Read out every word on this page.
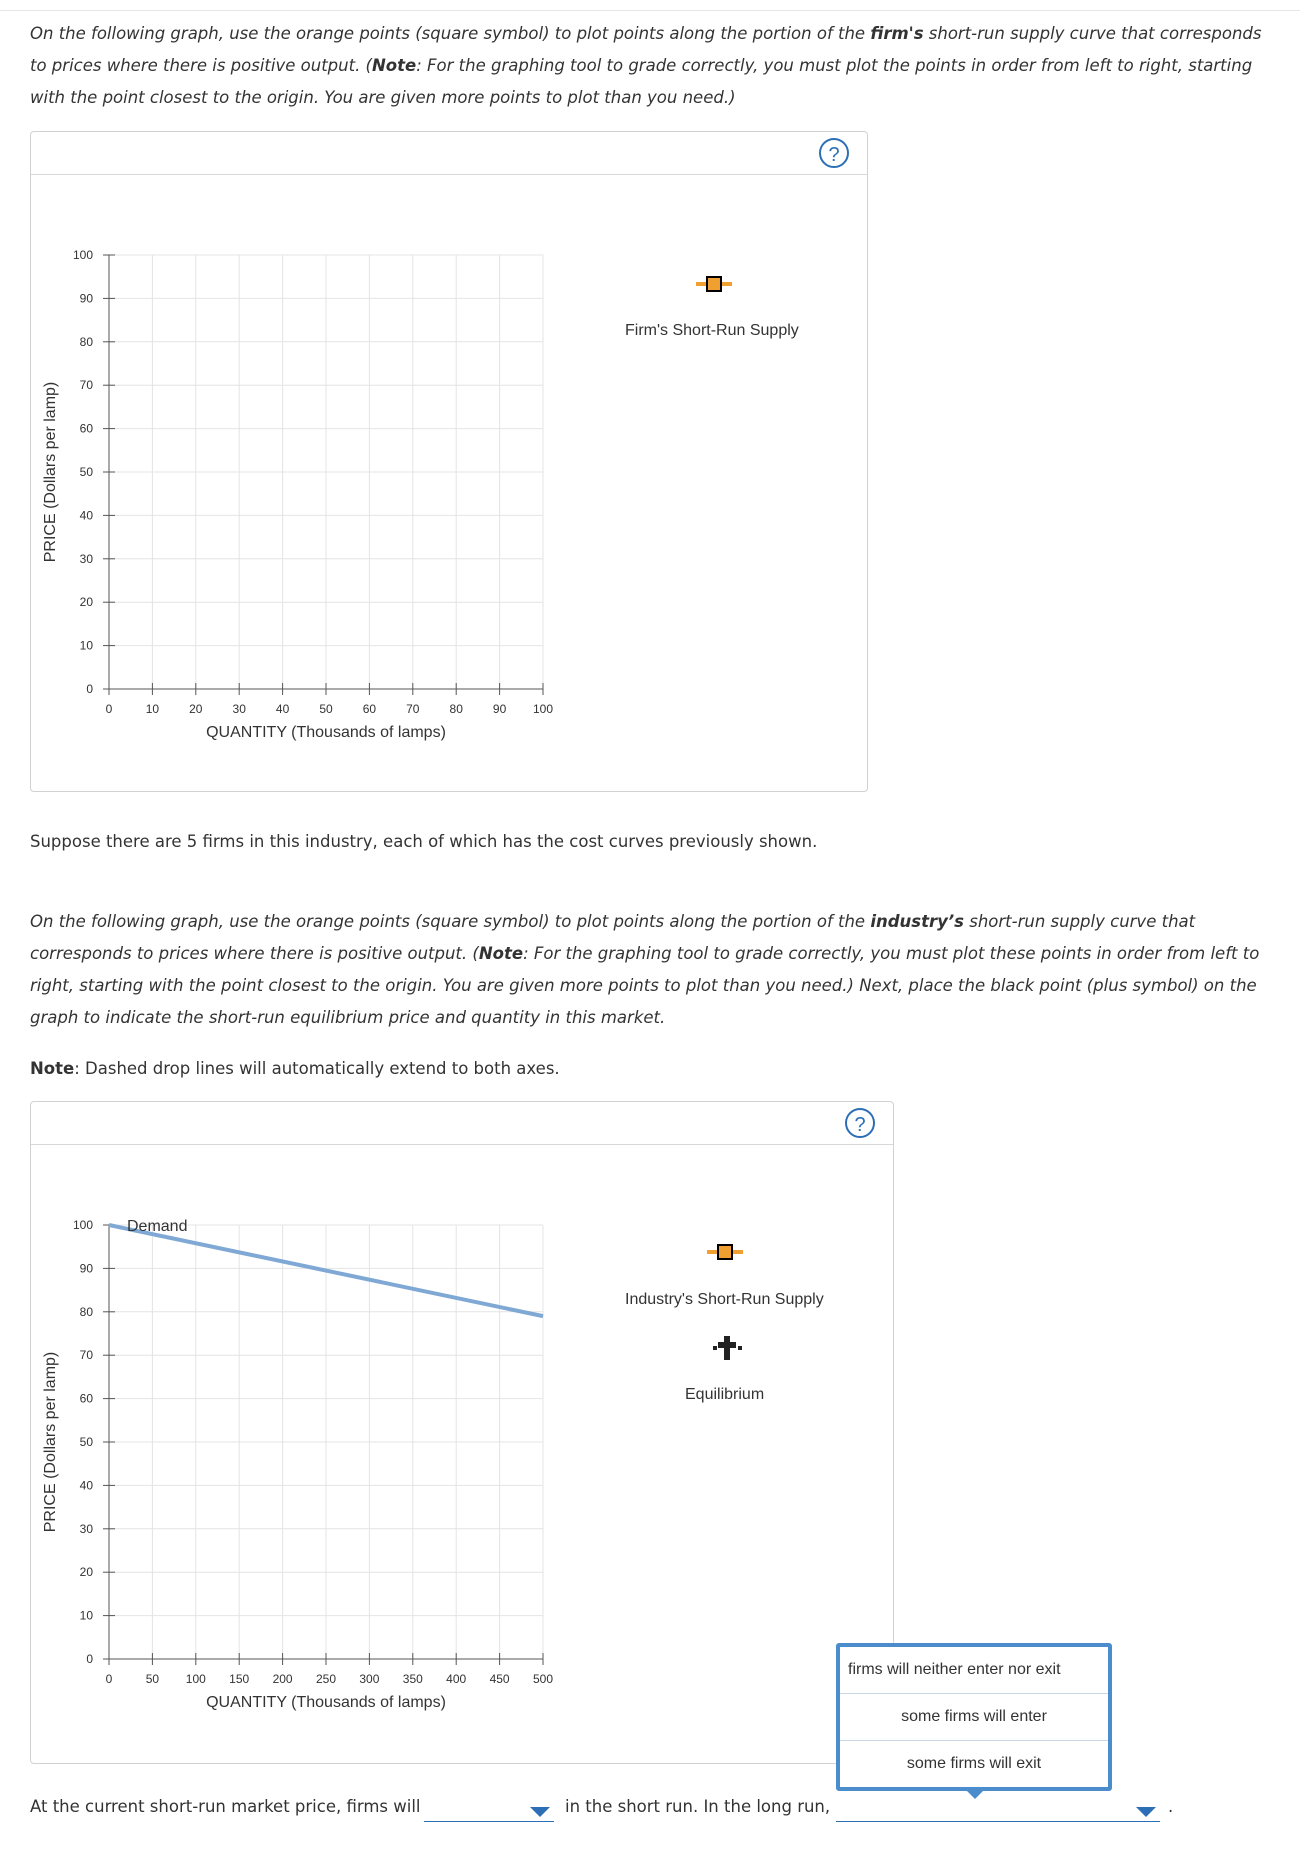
On the following graph, use the orange points (square symbol) to plot points along the portion of the firm's short-run supply curve that corresponds to prices where there is positive output. (Note: For the graphing tool to grade correctly, you must plot the points in order from left to right, starting with the point closest to the origin. You are given more points to plot than you need.)
?
100
90
80
70
60
50
40
30
20
10
0
0	10	20	30	40	50	60	70	80	90 100
QUANTITY (Thousands of lamps)
PRICE (Dollars per lamp)
Firm's Short-Run Supply
Suppose there are 5 firms in this industry, each of which has the cost curves previously shown.
On the following graph, use the orange points (square symbol) to plot points along the portion of the industry’s short-run supply curve that corresponds to prices where there is positive output. (Note: For the graphing tool to grade correctly, you must plot these points in order from left to right, starting with the point closest to the origin. You are given more points to plot than you need.) Next, place the black point (plus symbol) on the graph to indicate the short-run equilibrium price and quantity in this market.
Note: Dashed drop lines will automatically extend to both axes.
?
100
90
80
70
60
50
40
30
20
10
0
0	50 100 150 200 250 300 350 400 450 500
QUANTITY (Thousands of lamps)
PRICE (Dollars per lamp)
Demand
Industry's Short-Run Supply
Equilibrium
At the current short-run market price, firms will	in the short run. In the long run,	.
firms will neither enter nor exit
some firms will enter
some firms will exit
